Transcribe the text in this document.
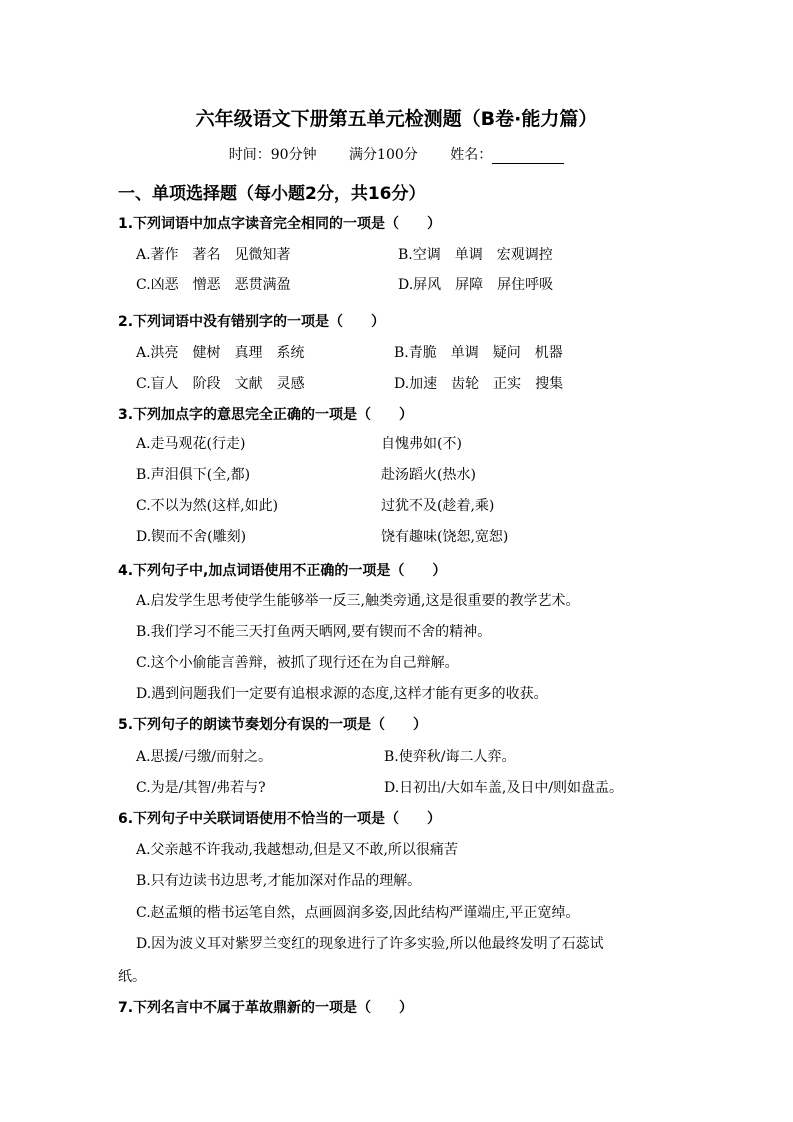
六年级语文下册第五单元检测题（B卷·能力篇）
时间：90分钟 满分100分 姓名：
一、单项选择题（每小题2分，共16分）
1.下列词语中加点字读音完全相同的一项是（　　）
A.著作　著名　见微知著	B.空调　单调　宏观调控
C.凶恶　憎恶　恶贯满盈	D.屏风　屏障　屏住呼吸
2.下列词语中没有错别字的一项是（　　）
A.洪亮　健树　真理　系统	B.青脆　单调　疑问　机器
C.盲人　阶段　文献　灵感	D.加速　齿轮　正实　搜集
3.下列加点字的意思完全正确的一项是（　　）
A.走马观花(行走)	自愧弗如(不)
B.声泪俱下(全,都)	赴汤蹈火(热水)
C.不以为然(这样,如此)	过犹不及(趁着,乘)
D.锲而不舍(雕刻)	饶有趣味(饶恕,宽恕)
4.下列句子中,加点词语使用不正确的一项是（　　）
A.启发学生思考使学生能够举一反三,触类旁通,这是很重要的教学艺术。
B.我们学习不能三天打鱼两天晒网,要有锲而不舍的精神。
C.这个小偷能言善辩，被抓了现行还在为自己辩解。
D.遇到问题我们一定要有追根求源的态度,这样才能有更多的收获。
5.下列句子的朗读节奏划分有误的一项是（　　）
A.思援/弓缴/而射之。	B.使弈秋/诲二人弈。
C.为是/其智/弗若与?	D.日初出/大如车盖,及日中/则如盘盂。
6.下列句子中关联词语使用不恰当的一项是（　　）
A.父亲越不许我动,我越想动,但是又不敢,所以很痛苦
B.只有边读书边思考,才能加深对作品的理解。
C.赵孟頫的楷书运笔自然，点画圆润多姿,因此结构严谨端庄,平正宽绰。
D.因为波义耳对紫罗兰变红的现象进行了许多实验,所以他最终发明了石蕊试
纸。
7.下列名言中不属于革故鼎新的一项是（　　）
